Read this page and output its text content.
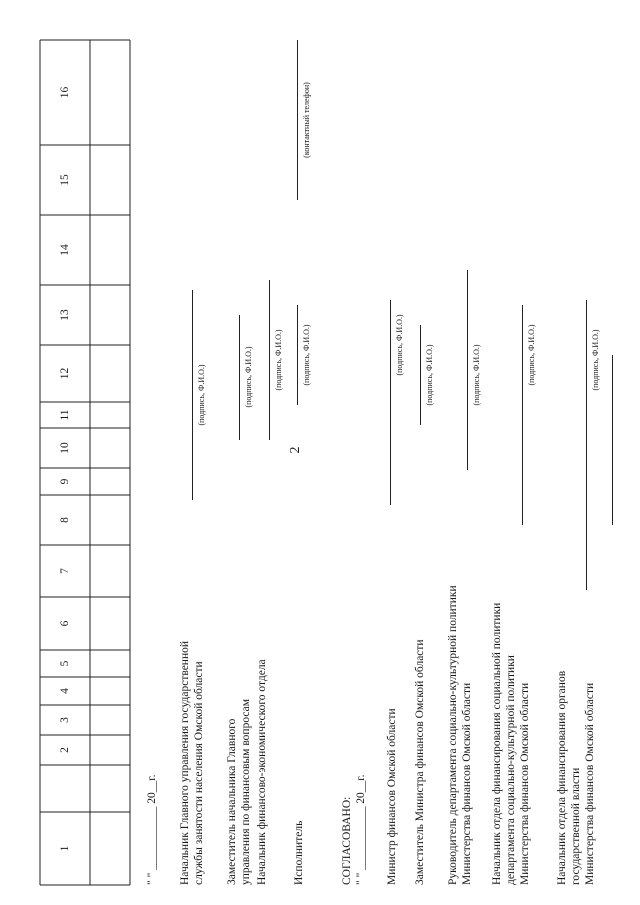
2
1
2
3
4
5
6
7
8
9
10
11
12
13
14
15
16
" " ___________ 20__г. Начальник Главного управления государственной службы занятости населения Омской области
(подпись, Ф.И.О.)
Заместитель начальника Главного управления по финансовым вопросам
(подпись, Ф.И.О.)
Начальник финансово-экономического отдела
(подпись, Ф.И.О.)
Исполнитель
(подпись, Ф.И.О.)
(контактный телефон)
СОГЛАСОВАНО: " " ___________ 20__г. Министр финансов Омской области
(подпись, Ф.И.О.)
Заместитель Министра финансов Омской области
(подпись, Ф.И.О.)
Руководитель департамента социально-культурной политики Министерства финансов Омской области
(подпись, Ф.И.О.)
Начальник отдела финансирования социальной политики департамента социально-культурной политики Министерства финансов Омской области
(подпись, Ф.И.О.)
Начальник отдела финансирования органов государственной власти Министерства финансов Омской области
(подпись, Ф.И.О.)
